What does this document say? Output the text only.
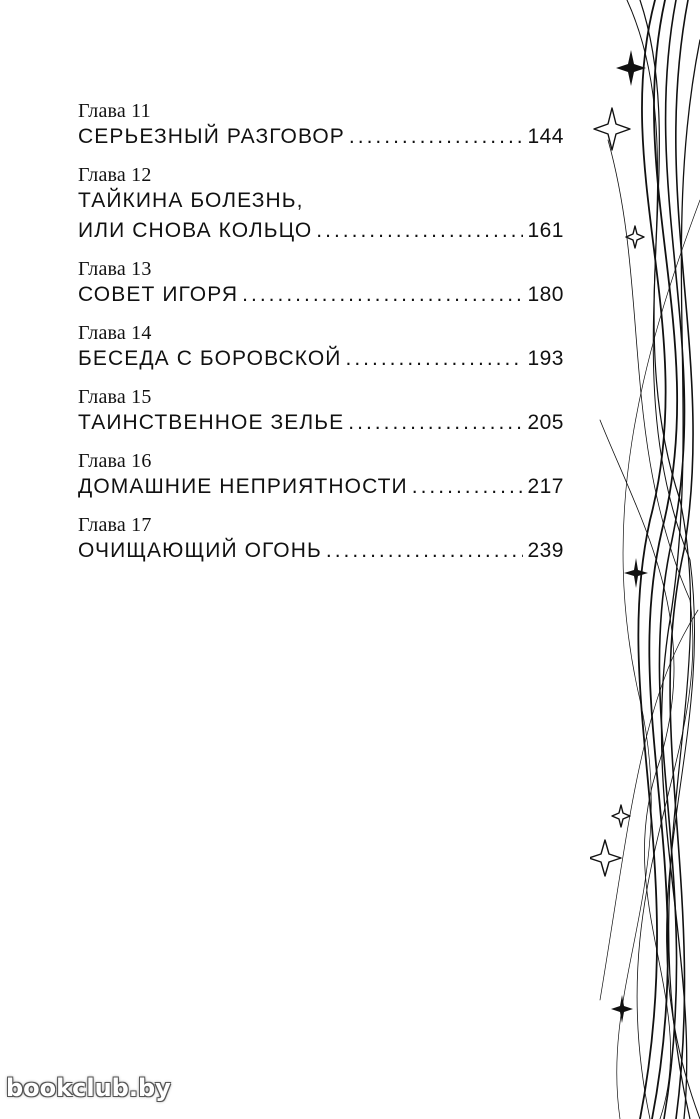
Глава 11
СЕРЬЕЗНЫЙ РАЗГОВОР .....	144
Глава 12
ТАЙКИНА БОЛЕЗНЬ,
ИЛИ СНОВА КОЛЬЦО .....	161
Глава 13
СОВЕТ ИГОРЯ .....	180
Глава 14
БЕСЕДА С БОРОВСКОЙ .....	193
Глава 15
ТАИНСТВЕННОЕ ЗЕЛЬЕ .....	205
Глава 16
ДОМАШНИЕ НЕПРИЯТНОСТИ .....	217
Глава 17
ОЧИЩАЮЩИЙ ОГОНЬ .....	239
bookclub.by
